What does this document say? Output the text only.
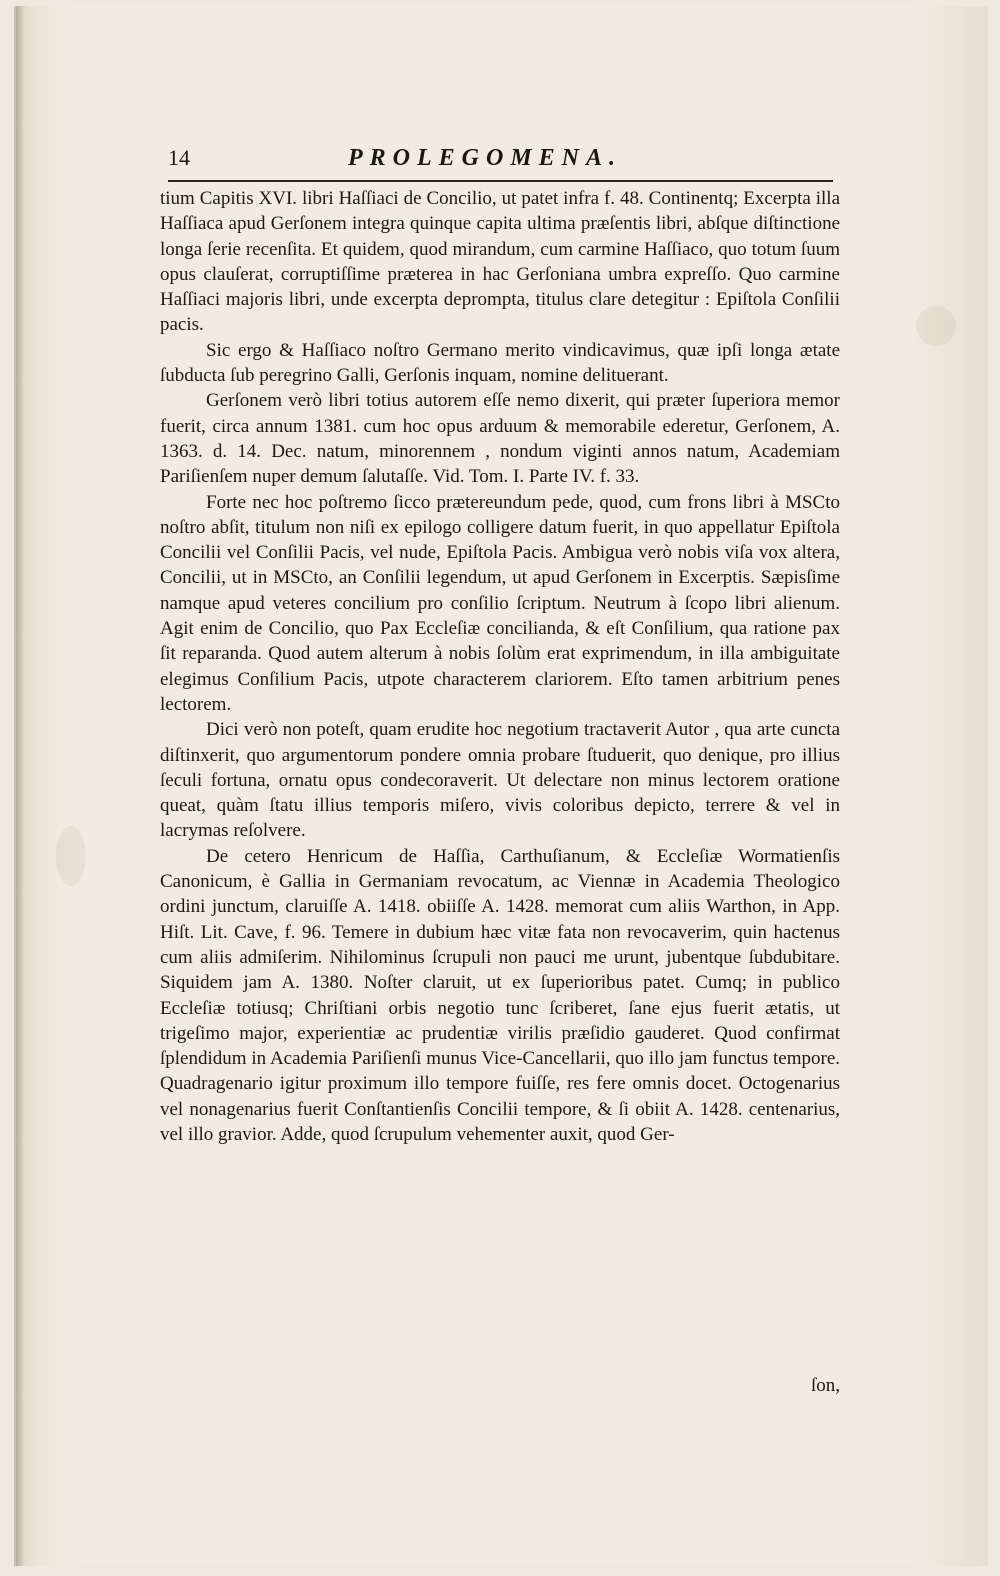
14	PROLEGOMENA.

tium Capitis XVI. libri Haſſiaci de Concilio, ut patet infra f. 48. Continentq; Excerpta illa Haſſiaca apud Gerſonem integra quinque capita ultima præſentis libri, abſque diſtinctione longa ſerie recenſita. Et quidem, quod mirandum, cum carmine Haſſiaco, quo totum ſuum opus clauſerat, corruptiſſime præterea in hac Gerſoniana umbra expreſſo. Quo carmine Haſſiaci majoris libri, unde excerpta deprompta, titulus clare detegitur : Epiſtola Conſilii pacis.

Sic ergo & Haſſiaco noſtro Germano merito vindicavimus, quæ ipſi longa ætate ſubducta ſub peregrino Galli, Gerſonis inquam, nomine delituerant.

Gerſonem verò libri totius autorem eſſe nemo dixerit, qui præter ſuperiora memor fuerit, circa annum 1381. cum hoc opus arduum & memorabile ederetur, Gerſonem, A. 1363. d. 14. Dec. natum, minorennem , nondum viginti annos natum, Academiam Pariſienſem nuper demum ſalutaſſe. Vid. Tom. I. Parte IV. f. 33.

Forte nec hoc poſtremo ſicco prætereundum pede, quod, cum frons libri à MSCto noſtro abſit, titulum non niſi ex epilogo colligere datum fuerit, in quo appellatur Epiſtola Concilii vel Conſilii Pacis, vel nude, Epiſtola Pacis. Ambigua verò nobis viſa vox altera, Concilii, ut in MSCto, an Conſilii legendum, ut apud Gerſonem in Excerptis. Sæpisſime namque apud veteres concilium pro conſilio ſcriptum. Neutrum à ſcopo libri alienum. Agit enim de Concilio, quo Pax Eccleſiæ concilianda, & eſt Conſilium, qua ratione pax ſit reparanda. Quod autem alterum à nobis ſolùm erat exprimendum, in illa ambiguitate elegimus Conſilium Pacis, utpote characterem clariorem. Eſto tamen arbitrium penes lectorem.

Dici verò non poteſt, quam erudite hoc negotium tractaverit Autor , qua arte cuncta diſtinxerit, quo argumentorum pondere omnia probare ſtuduerit, quo denique, pro illius ſeculi fortuna, ornatu opus condecoraverit. Ut delectare non minus lectorem oratione queat, quàm ſtatu illius temporis miſero, vivis coloribus depicto, terrere & vel in lacrymas reſolvere.

De cetero Henricum de Haſſia, Carthuſianum, & Eccleſiæ Wormatienſis Canonicum, è Gallia in Germaniam revocatum, ac Viennæ in Academia Theologico ordini junctum, claruiſſe A. 1418. obiiſſe A. 1428. memorat cum aliis Warthon, in App. Hiſt. Lit. Cave, f. 96. Temere in dubium hæc vitæ fata non revocaverim, quin hactenus cum aliis admiſerim. Nihilominus ſcrupuli non pauci me urunt, jubentque ſubdubitare. Siquidem jam A. 1380. Noſter claruit, ut ex ſuperioribus patet. Cumq; in publico Eccleſiæ totiusq; Chriſtiani orbis negotio tunc ſcriberet, ſane ejus fuerit ætatis, ut trigeſimo major, experientiæ ac prudentiæ virilis præſidio gauderet. Quod confirmat ſplendidum in Academia Pariſienſi munus Vice-Cancellarii, quo illo jam functus tempore. Quadragenario igitur proximum illo tempore fuiſſe, res fere omnis docet. Octogenarius vel nonagenarius fuerit Conſtantienſis Concilii tempore, & ſi obiit A. 1428. centenarius, vel illo gravior. Adde, quod ſcrupulum vehementer auxit, quod Ger-

ſon,
